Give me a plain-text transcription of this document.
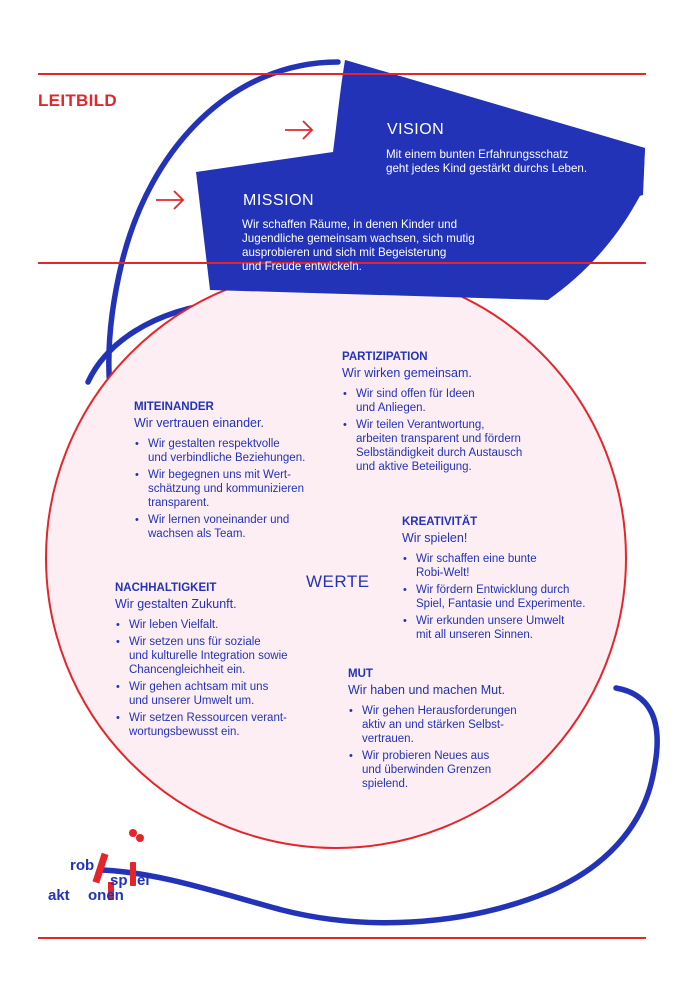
LEITBILD
VISION
Mit einem bunten Erfahrungsschatz
geht jedes Kind gestärkt durchs Leben.
MISSION
Wir schaffen Räume, in denen Kinder und
Jugendliche gemeinsam wachsen, sich mutig
ausprobieren und sich mit Begeisterung
und Freude entwickeln.
WERTE
MITEINANDER
Wir vertrauen einander.
• Wir gestalten respektvolle
und verbindliche Beziehungen.
• Wir begegnen uns mit Wert-
schätzung und kommunizieren
transparent.
• Wir lernen voneinander und
wachsen als Team.
PARTIZIPATION
Wir wirken gemeinsam.
• Wir sind offen für Ideen
und Anliegen.
• Wir teilen Verantwortung,
arbeiten transparent und fördern
Selbständigkeit durch Austausch
und aktive Beteiligung.
KREATIVITÄT
Wir spielen!
• Wir schaffen eine bunte
Robi-Welt!
• Wir fördern Entwicklung durch
Spiel, Fantasie und Experimente.
• Wir erkunden unsere Umwelt
mit all unseren Sinnen.
NACHHALTIGKEIT
Wir gestalten Zukunft.
• Wir leben Vielfalt.
• Wir setzen uns für soziale
und kulturelle Integration sowie
Chancengleichheit ein.
• Wir gehen achtsam mit uns
und unserer Umwelt um.
• Wir setzen Ressourcen verant-
wortungsbewusst ein.
MUT
Wir haben und machen Mut.
• Wir gehen Herausforderungen
aktiv an und stärken Selbst-
vertrauen.
• Wir probieren Neues aus
und überwinden Grenzen
spielend.
rob
sp el
akt onen
